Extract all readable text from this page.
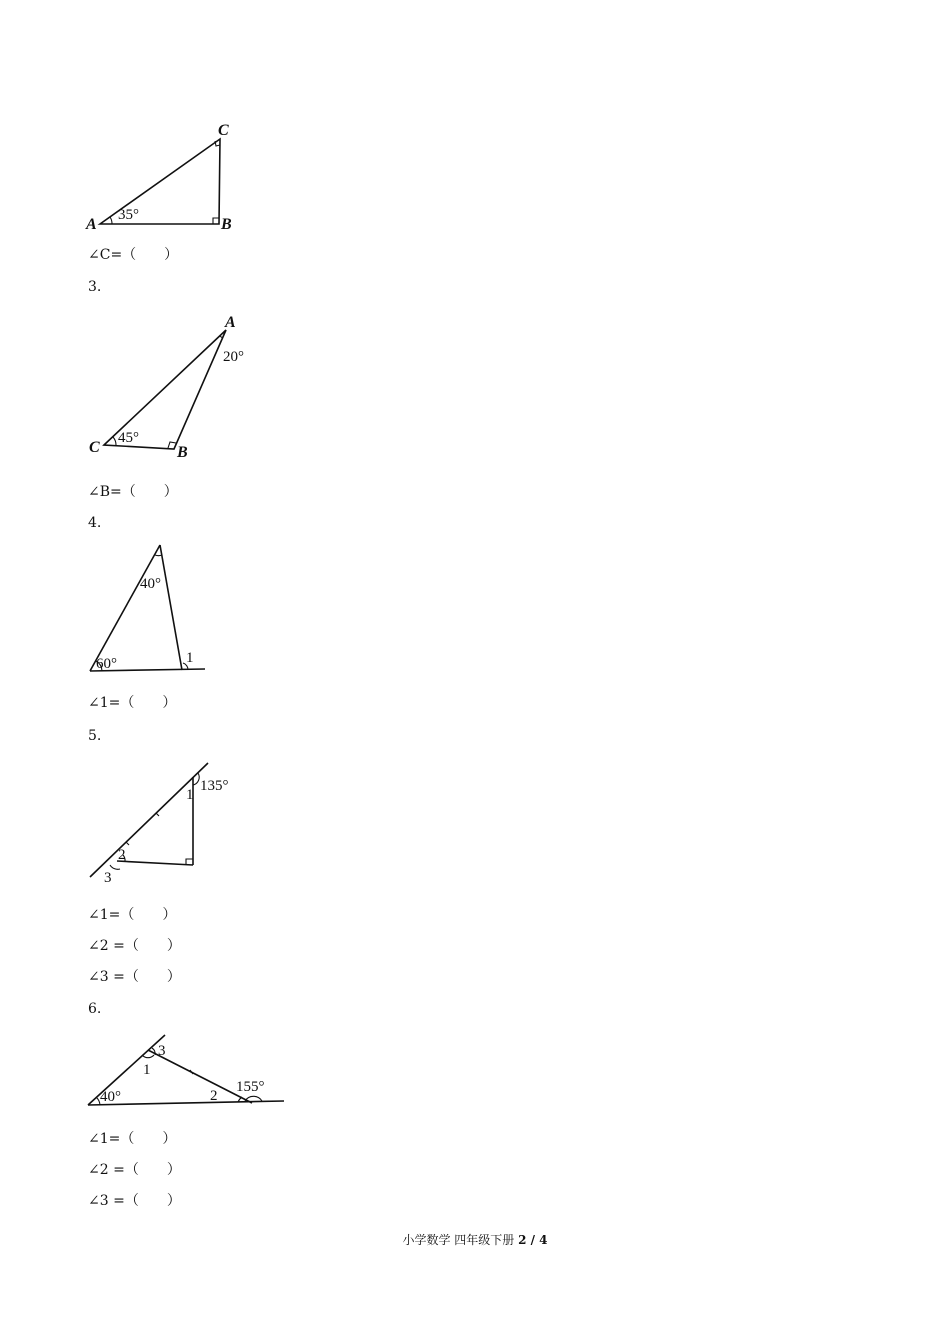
C
A	B
35°
∠C=（　　）
3.
A
C	B
20°
45°
∠B=（　　）
4.
40°
60°	1
∠1=（　　）
5.
135°
1
2
3
∠1=（　　）
∠2 =（　　）
∠3 =（　　）
6.
3
1
2
40°
155°
∠1=（　　）
∠2 =（　　）
∠3 =（　　）
小学数学 四年级下册 2 / 4
